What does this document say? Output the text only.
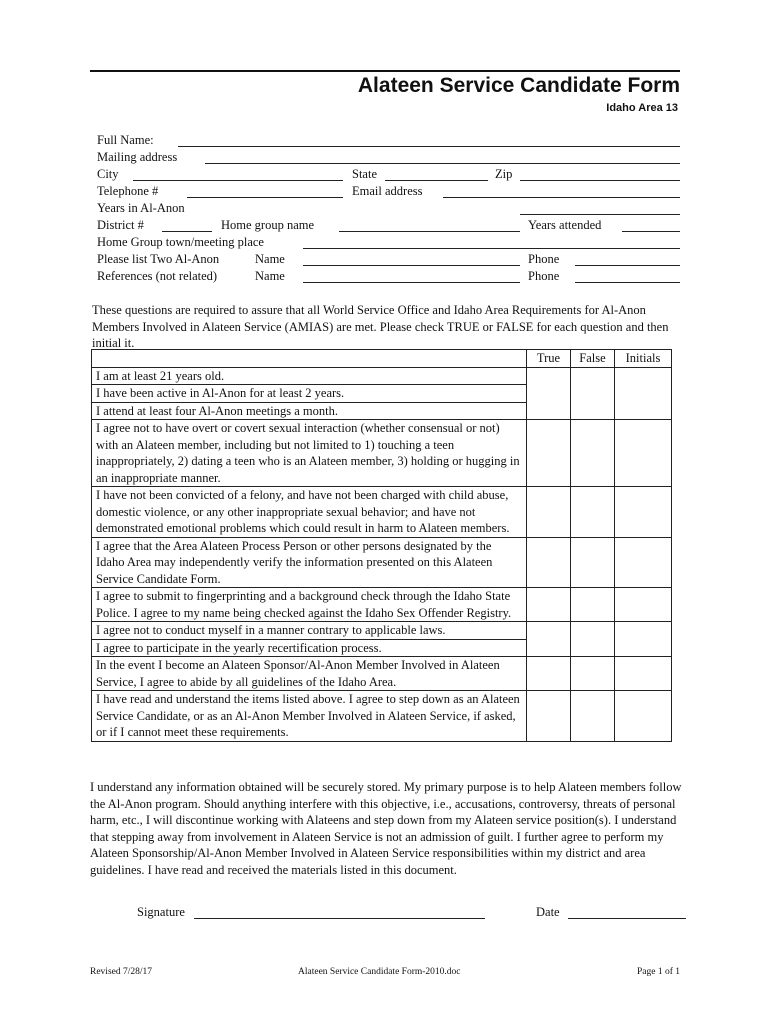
Alateen Service Candidate Form
Idaho Area 13
Full Name:
Mailing address
City	State	Zip
Telephone #	Email address
Years in Al-Anon
District #	Home group name	Years attended
Home Group town/meeting place
Please list Two Al-Anon	Name	Phone
References (not related)	Name	Phone
These questions are required to assure that all World Service Office and Idaho Area Requirements for Al-Anon Members Involved in Alateen Service (AMIAS) are met. Please check TRUE or FALSE for each question and then initial it.
	True	False	Initials

I am at least 21 years old.
I have been active in Al-Anon for at least 2 years.
I attend at least four Al-Anon meetings a month.			

I agree not to have overt or covert sexual interaction (whether consensual or not) with an Alateen member, including but not limited to 1) touching a teen inappropriately, 2) dating a teen who is an Alateen member, 3) holding or hugging in an inappropriate manner.			
I have not been convicted of a felony, and have not been charged with child abuse, domestic violence, or any other inappropriate sexual behavior; and have not demonstrated emotional problems which could result in harm to Alateen members.			
I agree that the Area Alateen Process Person or other persons designated by the Idaho Area may independently verify the information presented on this Alateen Service Candidate Form.			
I agree to submit to fingerprinting and a background check through the Idaho State Police. I agree to my name being checked against the Idaho Sex Offender Registry.			

I agree not to conduct myself in a manner contrary to applicable laws.
I agree to participate in the yearly recertification process.			

In the event I become an Alateen Sponsor/Al-Anon Member Involved in Alateen Service, I agree to abide by all guidelines of the Idaho Area.			
I have read and understand the items listed above. I agree to step down as an Alateen Service Candidate, or as an Al-Anon Member Involved in Alateen Service, if asked, or if I cannot meet these requirements.			
I understand any information obtained will be securely stored. My primary purpose is to help Alateen members follow the Al-Anon program. Should anything interfere with this objective, i.e., accusations, controversy, threats of personal harm, etc., I will discontinue working with Alateens and step down from my Alateen service position(s). I understand that stepping away from involvement in Alateen Service is not an admission of guilt. I further agree to perform my Alateen Sponsorship/Al-Anon Member Involved in Alateen Service responsibilities within my district and area guidelines. I have read and received the materials listed in this document.
Signature	Date
Revised 7/28/17	Alateen Service Candidate Form-2010.doc	Page 1 of 1
